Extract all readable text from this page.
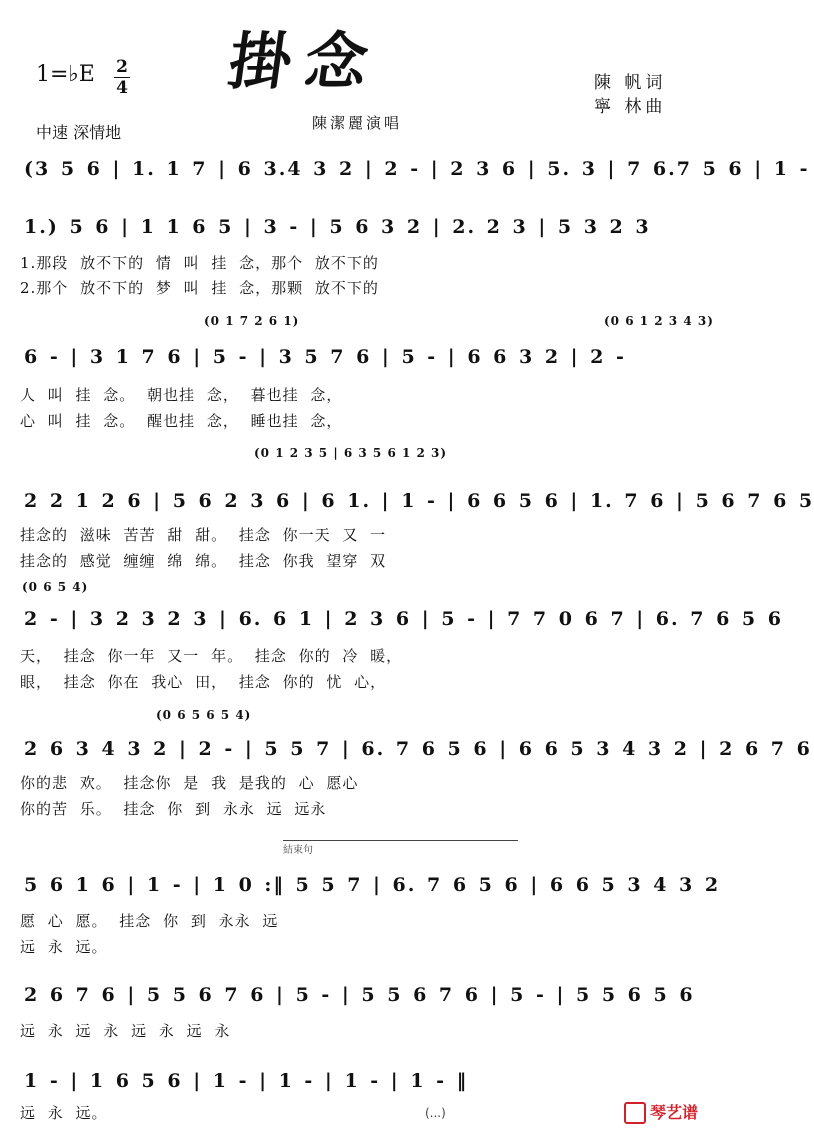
掛念
1=♭E 2
4	陳 帆词
寧 林曲
陳潔麗演唱
中速 深情地
(3 5 6 | 1. 1 7 | 6 3.4 3 2 | 2 - | 2 3 6 | 5. 3 | 7 6.7 5 6 | 1 -
1.) 5 6 | 1 1 6 5 | 3 - | 5 6 3 2 | 2. 2 3 | 5 3 2 3
1.那段 放不下的 情 叫 挂 念，那个 放不下的
2.那个 放不下的 梦 叫 挂 念，那颗 放不下的
(0 1 7 2 6 1)	(0 6 1 2 3 4 3)
6 - | 3 1 7 6 | 5 - | 3 5 7 6 | 5 - | 6 6 3 2 | 2 -
人 叫 挂 念。 朝也挂 念， 暮也挂 念，
心 叫 挂 念。 醒也挂 念， 睡也挂 念，
(0 1 2 3 5 | 6 3 5 6 1 2 3)
2 2 1 2 6 | 5 6 2 3 6 | 6 1. | 1 - | 6 6 5 6 | 1. 7 6 | 5 6 7 6 5
挂念的 滋味 苦苦 甜 甜。 挂念 你一天 又 一
挂念的 感觉 缠缠 绵 绵。 挂念 你我 望穿 双
(0 6 5 4)
2 - | 3 2 3 2 3 | 6. 6 1 | 2 3 6 | 5 - | 7 7 0 6 7 | 6. 7 6 5 6
天， 挂念 你一年 又一 年。 挂念 你的 冷 暖，
眼， 挂念 你在 我心 田， 挂念 你的 忧 心，
(0 6 5 6 5 4)
2 6 3 4 3 2 | 2 - | 5 5 7 | 6. 7 6 5 6 | 6 6 5 3 4 3 2 | 2 6 7 6
你的悲 欢。 挂念你 是 我 是我的 心 愿心
你的苦 乐。 挂念 你 到 永永 远 远永
結束句
5 6 1 6 | 1 - | 1 0 :‖ 5 5 7 | 6. 7 6 5 6 | 6 6 5 3 4 3 2
愿 心 愿。 挂念 你 到 永永 远
远 永 远。
2 6 7 6 | 5 5 6 7 6 | 5 - | 5 5 6 7 6 | 5 - | 5 5 6 5 6
远 永 远 永 远 永 远 永
1 - | 1 6 5 6 | 1 - | 1 - | 1 - | 1 - ‖
远 永 远。	(...)	琴艺谱
